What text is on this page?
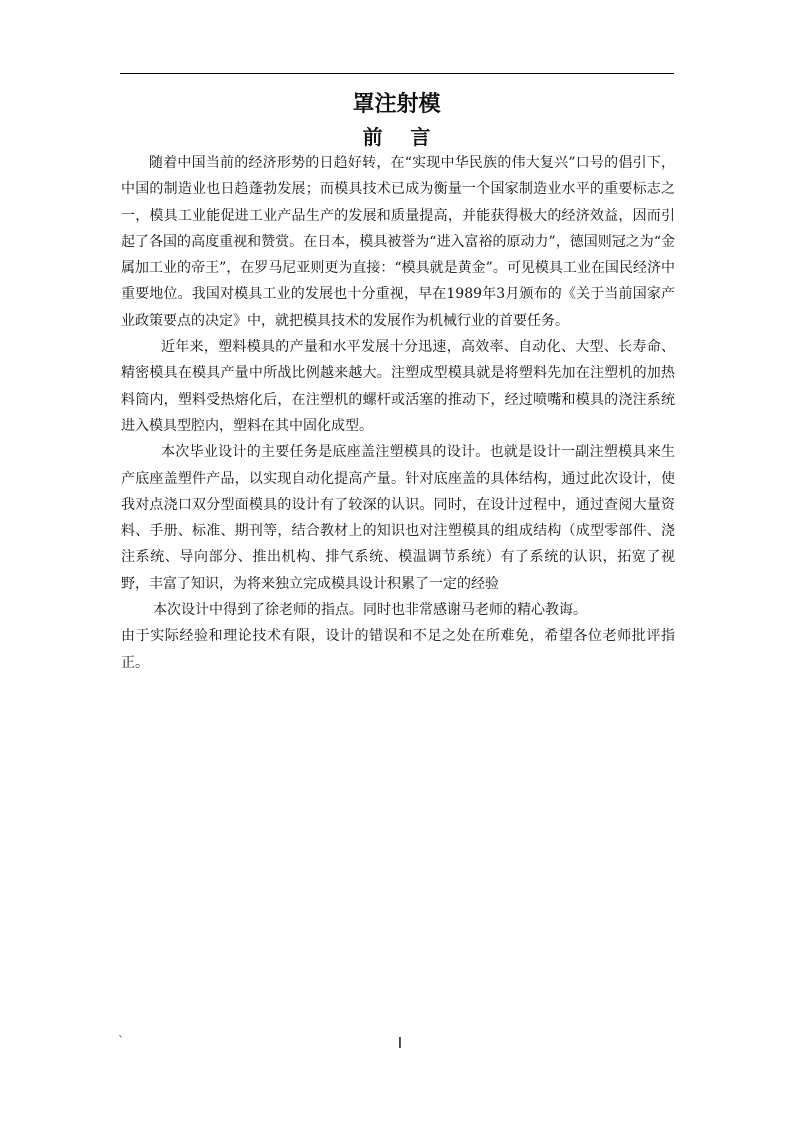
罩注射模
前    言

随着中国当前的经济形势的日趋好转，在“实现中华民族的伟大复兴”口号的倡引下，中国的制造业也日趋蓬勃发展；而模具技术已成为衡量一个国家制造业水平的重要标志之一，模具工业能促进工业产品生产的发展和质量提高，并能获得极大的经济效益，因而引起了各国的高度重视和赞赏。在日本，模具被誉为“进入富裕的原动力”，德国则冠之为“金属加工业的帝王”，在罗马尼亚则更为直接：“模具就是黄金”。可见模具工业在国民经济中重要地位。我国对模具工业的发展也十分重视，早在1989年3月颁布的《关于当前国家产业政策要点的决定》中，就把模具技术的发展作为机械行业的首要任务。

近年来，塑料模具的产量和水平发展十分迅速，高效率、自动化、大型、长寿命、精密模具在模具产量中所战比例越来越大。注塑成型模具就是将塑料先加在注塑机的加热料筒内，塑料受热熔化后，在注塑机的螺杆或活塞的推动下，经过喷嘴和模具的浇注系统进入模具型腔内，塑料在其中固化成型。

本次毕业设计的主要任务是底座盖注塑模具的设计。也就是设计一副注塑模具来生产底座盖塑件产品，以实现自动化提高产量。针对底座盖的具体结构，通过此次设计，使我对点浇口双分型面模具的设计有了较深的认识。同时，在设计过程中，通过查阅大量资料、手册、标准、期刊等，结合教材上的知识也对注塑模具的组成结构（成型零部件、浇注系统、导向部分、推出机构、排气系统、模温调节系统）有了系统的认识，拓宽了视野，丰富了知识，为将来独立完成模具设计积累了一定的经验

本次设计中得到了徐老师的指点。同时也非常感谢马老师的精心教诲。

由于实际经验和理论技术有限，设计的错误和不足之处在所难免，希望各位老师批评指正。

`	I
